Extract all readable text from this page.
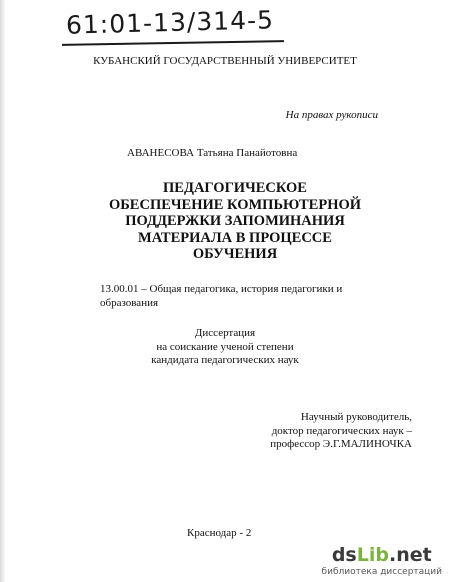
61:01-13/314-5
КУБАНСКИЙ ГОСУДАРСТВЕННЫЙ УНИВЕРСИТЕТ
На правах рукописи
АВАНЕСОВА Татьяна Панайотовна
ПЕДАГОГИЧЕСКОЕ
ОБЕСПЕЧЕНИЕ КОМПЬЮТЕРНОЙ
ПОДДЕРЖКИ ЗАПОМИНАНИЯ
МАТЕРИАЛА В ПРОЦЕССЕ
ОБУЧЕНИЯ
13.00.01 – Общая педагогика, история педагогики и
образования
Диссертация
на соискание ученой степени
кандидата педагогических наук
Научный руководитель,
доктор педагогических наук –
профессор Э.Г.МАЛИНОЧКА
Краснодар - 2
dsLib.net
библиотека диссертаций
